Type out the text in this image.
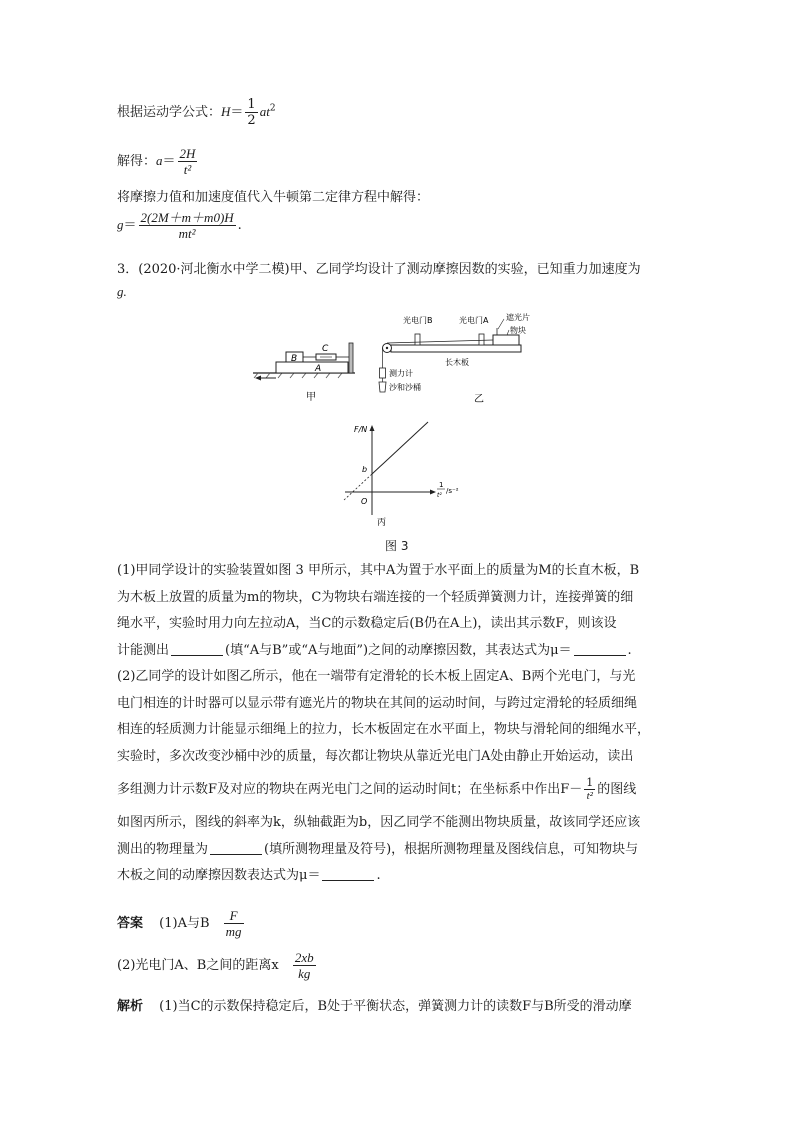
根据运动学公式：$H= \frac{1}{2} at^2$
解得：$a= \frac{2H}{\text{t²}}$
将摩擦力值和加速度值代入牛顿第二定律方程中解得：
$g= \frac{2(2M+m+m0)H}{\text{mt²}}$ .
3．(2020·河北衡水中学二模)甲、乙同学均设计了测动摩擦因数的实验，已知重力加速度为
g.
A
B
C
甲
光电门B	光电门A 遮光片
物块
长木板
测力计
沙和沙桶
乙
F/N
1
t²
/s⁻²
b
O
丙
图 3
(1)甲同学设计的实验装置如图 3 甲所示，其中A为置于水平面上的质量为M的长直木板，B
为木板上放置的质量为m的物块，C为物块右端连接的一个轻质弹簧测力计，连接弹簧的细
绳水平，实验时用力向左拉动A，当C的示数稳定后(B仍在A上)，读出其示数F，则该设
计能测出	(填“A与B”或“A与地面”)之间的动摩擦因数，其表达式为μ＝	.
(2)乙同学的设计如图乙所示，他在一端带有定滑轮的长木板上固定A、B两个光电门，与光
电门相连的计时器可以显示带有遮光片的物块在其间的运动时间，与跨过定滑轮的轻质细绳
相连的轻质测力计能显示细绳上的拉力，长木板固定在水平面上，物块与滑轮间的细绳水平，
实验时，多次改变沙桶中沙的质量，每次都让物块从靠近光电门A处由静止开始运动，读出
多组测力计示数F及对应的物块在两光电门之间的运动时间t；在坐标系中作出$F- \frac{1}{\text{t²}}$ 的图线
如图丙所示，图线的斜率为k，纵轴截距为b，因乙同学不能测出物块质量，故该同学还应该
测出的物理量为	(填所测物理量及符号)，根据所测物理量及图线信息，可知物块与
木板之间的动摩擦因数表达式为μ＝	.
答案 (1)A与B $\frac{F}{mg}$
(2)光电门A、B之间的距离x $\frac{2xb}{kg}$
解析 (1)当C的示数保持稳定后，B处于平衡状态，弹簧测力计的读数F与B所受的滑动摩
